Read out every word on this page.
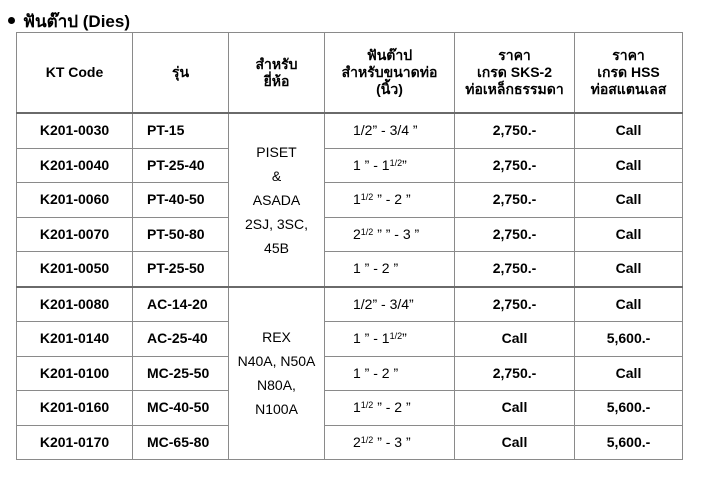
ฟันต๊าป (Dies)
KT Code	รุ่น	สำหรับ
ยี่ห้อ	ฟันต๊าป
สำหรับขนาดท่อ
(นิ้ว)	ราคา
เกรด SKS-2
ท่อเหล็กธรรมดา	ราคา
เกรด HSS
ท่อสแตนเลส
K201-0030	PT-15	PISET
&
ASADA
2SJ, 3SC,
45B	1/2” - 3/4 ”	2,750.-	Call
K201-0040	PT-25-40		1 ” - $1^{1/2}$”	2,750.-	Call
K201-0060	PT-40-50		$1^{1/2}$ ” - 2 ”	2,750.-	Call
K201-0070	PT-50-80		$2^{1/2}$ ” ” - 3 ”	2,750.-	Call
K201-0050	PT-25-50		1 ” - 2 ”	2,750.-	Call
K201-0080	AC-14-20	REX
N40A, N50A
N80A,
N100A	1/2” - 3/4”	2,750.-	Call
K201-0140	AC-25-40		1 ” - $1^{1/2}$”	Call	5,600.-
K201-0100	MC-25-50		1 ” - 2 ”	2,750.-	Call
K201-0160	MC-40-50		$1^{1/2}$ ” - 2 ”	Call	5,600.-
K201-0170	MC-65-80		$2^{1/2}$ ” - 3 ”	Call	5,600.-
